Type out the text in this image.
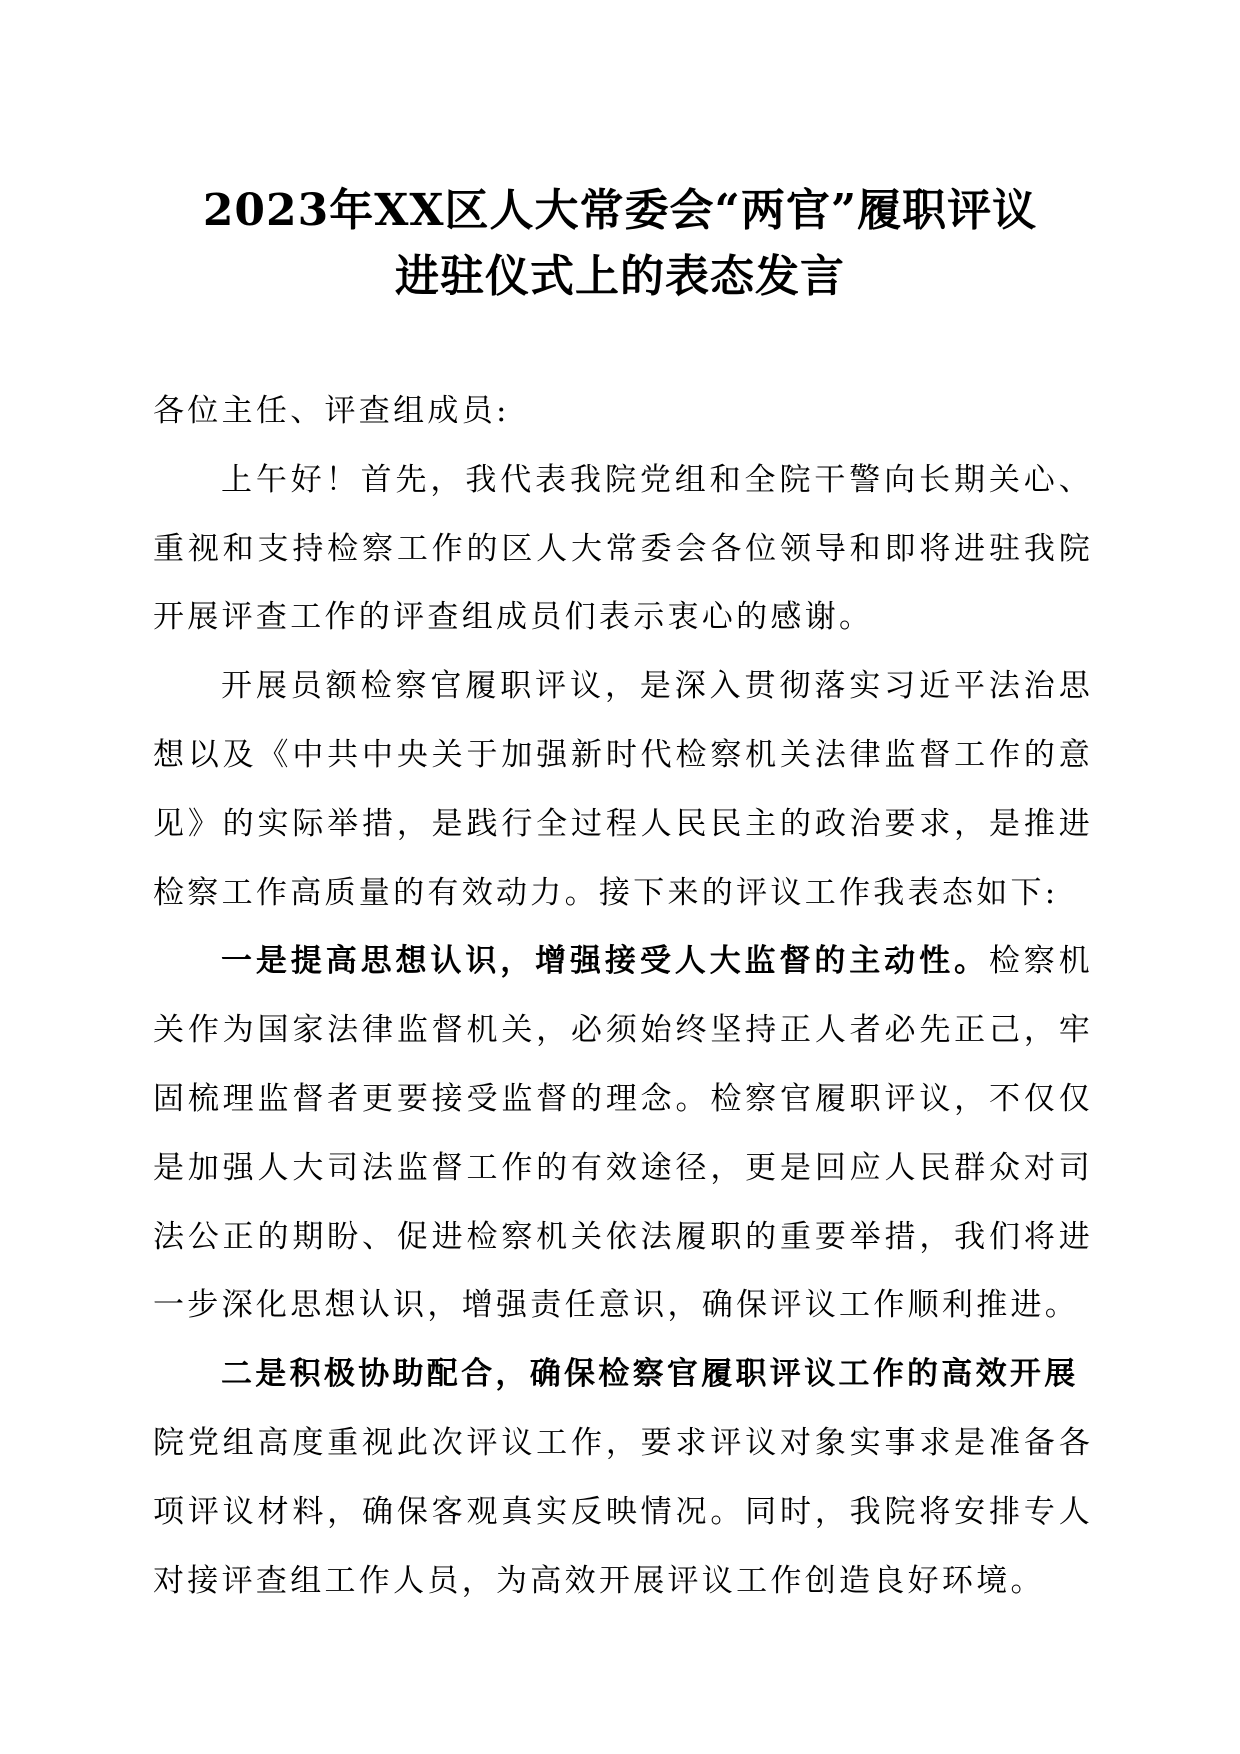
2023年XX区人大常委会“两官”履职评议
进驻仪式上的表态发言

各位主任、评查组成员:

上午好！首先，我代表我院党组和全院干警向长期关心、重视和支持检察工作的区人大常委会各位领导和即将进驻我院开展评查工作的评查组成员们表示衷心的感谢。

开展员额检察官履职评议，是深入贯彻落实习近平法治思想以及《中共中央关于加强新时代检察机关法律监督工作的意见》的实际举措，是践行全过程人民民主的政治要求，是推进检察工作高质量的有效动力。接下来的评议工作我表态如下:

一是提高思想认识，增强接受人大监督的主动性。检察机关作为国家法律监督机关，必须始终坚持正人者必先正己，牢固梳理监督者更要接受监督的理念。检察官履职评议，不仅仅是加强人大司法监督工作的有效途径，更是回应人民群众对司法公正的期盼、促进检察机关依法履职的重要举措，我们将进一步深化思想认识，增强责任意识，确保评议工作顺利推进。

二是积极协助配合，确保检察官履职评议工作的高效开展

院党组高度重视此次评议工作，要求评议对象实事求是准备各项评议材料，确保客观真实反映情况。同时，我院将安排专人对接评查组工作人员，为高效开展评议工作创造良好环境。
